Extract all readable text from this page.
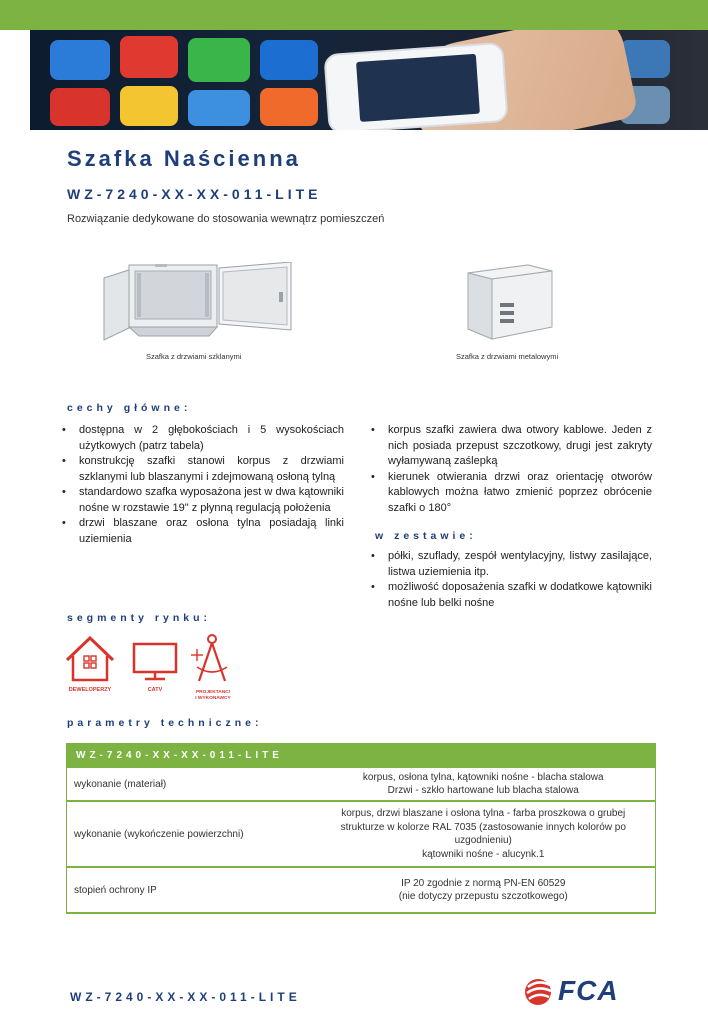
Szafka Naścienna
WZ-7240-XX-XX-011-LITE
Rozwiązanie dedykowane do stosowania wewnątrz pomieszczeń
Szafka z drzwiami szklanymi	Szafka z drzwiami metalowymi
cechy główne:
• dostępna w 2 głębokościach i 5 wysokościach użytkowych (patrz tabela)
• konstrukcję szafki stanowi korpus z drzwiami szklanymi lub blaszanymi i zdejmowaną osłoną tylną
• standardowo szafka wyposażona jest w dwa kątowniki nośne w rozstawie 19" z płynną regulacją położenia
• drzwi blaszane oraz osłona tylna posiadają linki uziemienia
• korpus szafki zawiera dwa otwory kablowe. Jeden z nich posiada przepust szczotkowy, drugi jest zakryty wyłamywaną zaślepką
• kierunek otwierania drzwi oraz orientację otworów kablowych można łatwo zmienić poprzez obrócenie szafki o 180°
w zestawie:
• półki, szuflady, zespół wentylacyjny, listwy zasilające, listwa uziemienia itp.
• możliwość doposażenia szafki w dodatkowe kątowniki nośne lub belki nośne
segmenty rynku:
DEWELOPERZY	CATV	PROJEKTANCI
I WYKONAWCY
parametry techniczne:
WZ-7240-XX-XX-011-LITE	
wykonanie (materiał)	korpus, osłona tylna, kątowniki nośne - blacha stalowa
Drzwi - szkło hartowane lub blacha stalowa

wykonanie (wykończenie powierzchni)	korpus, drzwi blaszane i osłona tylna - farba proszkowa o grubej
strukturze w kolorze RAL 7035 (zastosowanie innych kolorów po
uzgodnieniu)
kątowniki nośne - alucynk.1

stopień ochrony IP	IP 20 zgodnie z normą PN-EN 60529
(nie dotyczy przepustu szczotkowego)
WZ-7240-XX-XX-011-LITE	FCA
